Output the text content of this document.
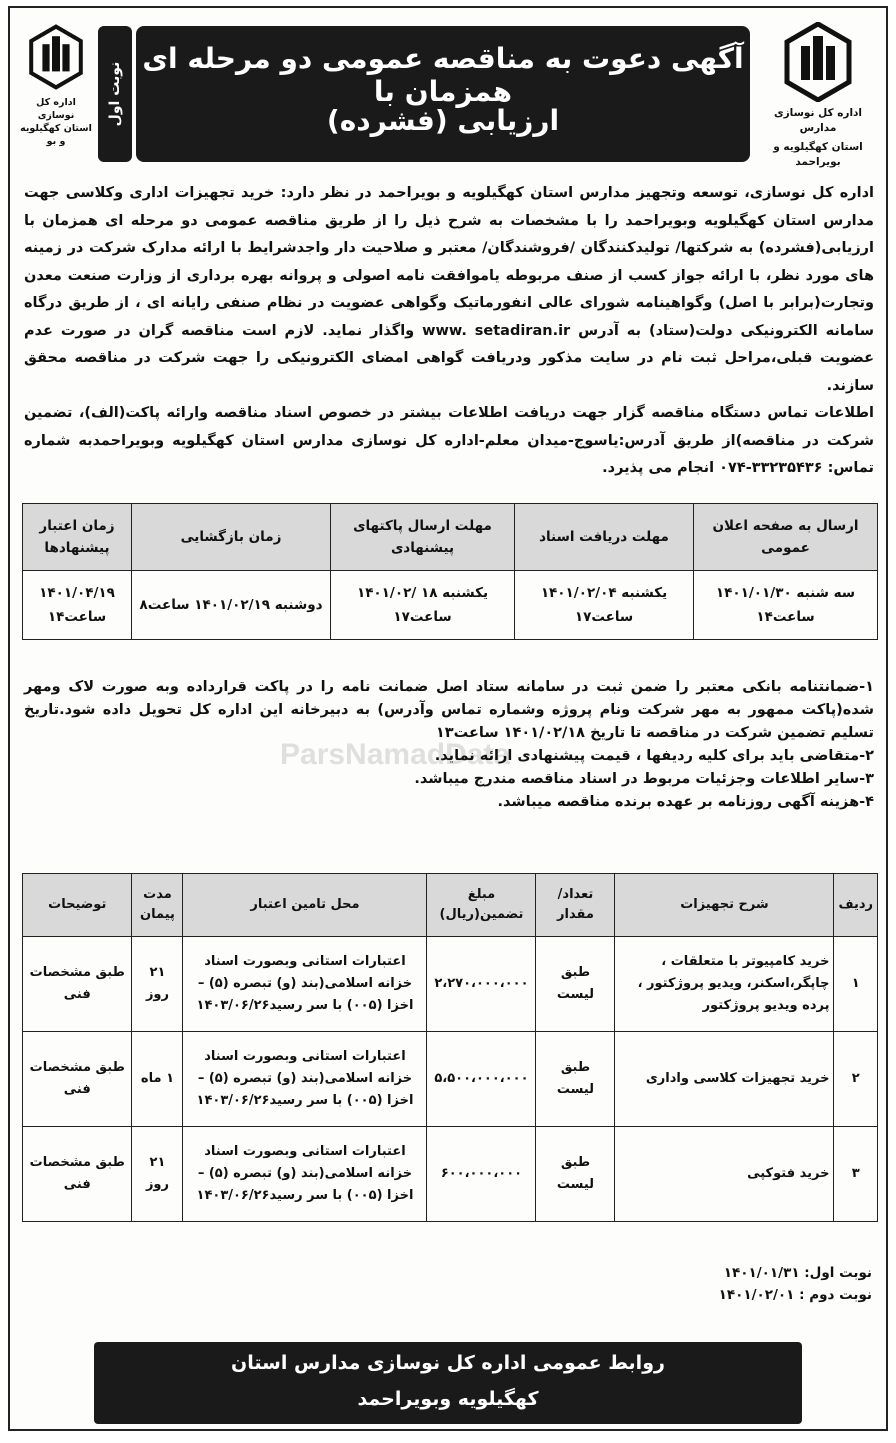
اداره کل نوسازی مدارس
استان کهگیلویه و بویراحمد
آگهی دعوت به مناقصه عمومی دو مرحله ای همزمان با
ارزیابی (فشرده)
نوبت اول
اداره کل نوسازی
استان کهگیلویه و بو

اداره کل نوسازی، توسعه وتجهیز مدارس استان کهگیلویه و بویراحمد در نظر دارد: خرید تجهیزات اداری وکلاسی جهت مدارس استان کهگیلویه وبویراحمد را با مشخصات به شرح ذیل را از طریق مناقصه عمومی دو مرحله ای همزمان با ارزیابی(فشرده) به شرکتها/ تولیدکنندگان /فروشندگان/ معتبر و صلاحیت دار واجدشرایط با ارائه مدارک شرکت در زمینه های مورد نظر، با ارائه جواز کسب از صنف مربوطه یاموافقت نامه اصولی و پروانه بهره برداری از وزارت صنعت معدن وتجارت(برابر با اصل) وگواهینامه شورای عالی انفورماتیک وگواهی عضویت در نظام صنفی رایانه ای ، از طریق درگاه سامانه الکترونیکی دولت(ستاد) به آدرس www. setadiran.ir واگذار نماید. لازم است مناقصه گران در صورت عدم عضویت قبلی،مراحل ثبت نام در سایت مذکور ودریافت گواهی امضای الکترونیکی را جهت شرکت در مناقصه محقق سازند.

اطلاعات تماس دستگاه مناقصه گزار جهت دریافت اطلاعات بیشتر در خصوص اسناد مناقصه وارائه پاکت(الف)، تضمین شرکت در مناقصه)از طریق آدرس:یاسوج-میدان معلم-اداره کل نوسازی مدارس استان کهگیلویه وبویراحمدبه شماره تماس: ۳۳۲۳۵۴۳۶-۰۷۴ انجام می پذیرد.

ارسال به صفحه اعلان عمومی	مهلت دریافت اسناد	مهلت ارسال پاکتهای پیشنهادی	زمان بازگشایی	زمان اعتبار پیشنهادها
سه شنبه ۱۴۰۱/۰۱/۳۰ ساعت۱۴	یکشنبه ۱۴۰۱/۰۲/۰۴ ساعت۱۷	یکشنبه ۱۸ /۱۴۰۱/۰۲ ساعت۱۷	دوشنبه ۱۴۰۱/۰۲/۱۹ ساعت۸	۱۴۰۱/۰۴/۱۹ ساعت۱۴
ParsNamadData

۱-ضمانتنامه بانکی معتبر را ضمن ثبت در سامانه ستاد اصل ضمانت نامه را در پاکت قرارداده وبه صورت لاک ومهر شده(پاکت ممهور به مهر شرکت ونام پروژه وشماره تماس وآدرس) به دبیرخانه این اداره کل تحویل داده شود.تاریخ تسلیم تضمین شرکت در مناقصه تا تاریخ ۱۴۰۱/۰۲/۱۸ ساعت۱۳

۲-متقاضی باید برای کلیه ردیفها ، قیمت پیشنهادی ارائه نماید.

۳-سایر اطلاعات وجزئیات مربوط در اسناد مناقصه مندرج میباشد.

۴-هزینه آگهی روزنامه بر عهده برنده مناقصه میباشد.

ردیف	شرح تجهیزات	تعداد/مقدار	مبلغ تضمین(ریال)	محل تامین اعتبار	مدت پیمان	توضیحات
۱	خرید کامپیوتر با متعلقات ، چاپگر،اسکنر، ویدیو پروژکتور ، پرده ویدیو پروژکتور	طبق لیست	۲،۲۷۰،۰۰۰،۰۰۰	اعتبارات استانی وبصورت اسناد خزانه اسلامی(بند (و) تبصره (۵) – اخزا (۰۰۵) با سر رسید۱۴۰۳/۰۶/۲۶	۲۱ روز	طبق مشخصات فنی
۲	خرید تجهیزات کلاسی واداری	طبق لیست	۵،۵۰۰،۰۰۰،۰۰۰	اعتبارات استانی وبصورت اسناد خزانه اسلامی(بند (و) تبصره (۵) – اخزا (۰۰۵) با سر رسید۱۴۰۳/۰۶/۲۶	۱ ماه	طبق مشخصات فنی
۳	خرید فتوکپی	طبق لیست	۶۰۰،۰۰۰،۰۰۰	اعتبارات استانی وبصورت اسناد خزانه اسلامی(بند (و) تبصره (۵) – اخزا (۰۰۵) با سر رسید۱۴۰۳/۰۶/۲۶	۲۱ روز	طبق مشخصات فنی
نوبت اول: ۱۴۰۱/۰۱/۳۱
نوبت دوم : ۱۴۰۱/۰۲/۰۱
روابط عمومی اداره کل نوسازی مدارس استان
کهگیلویه وبویراحمد
